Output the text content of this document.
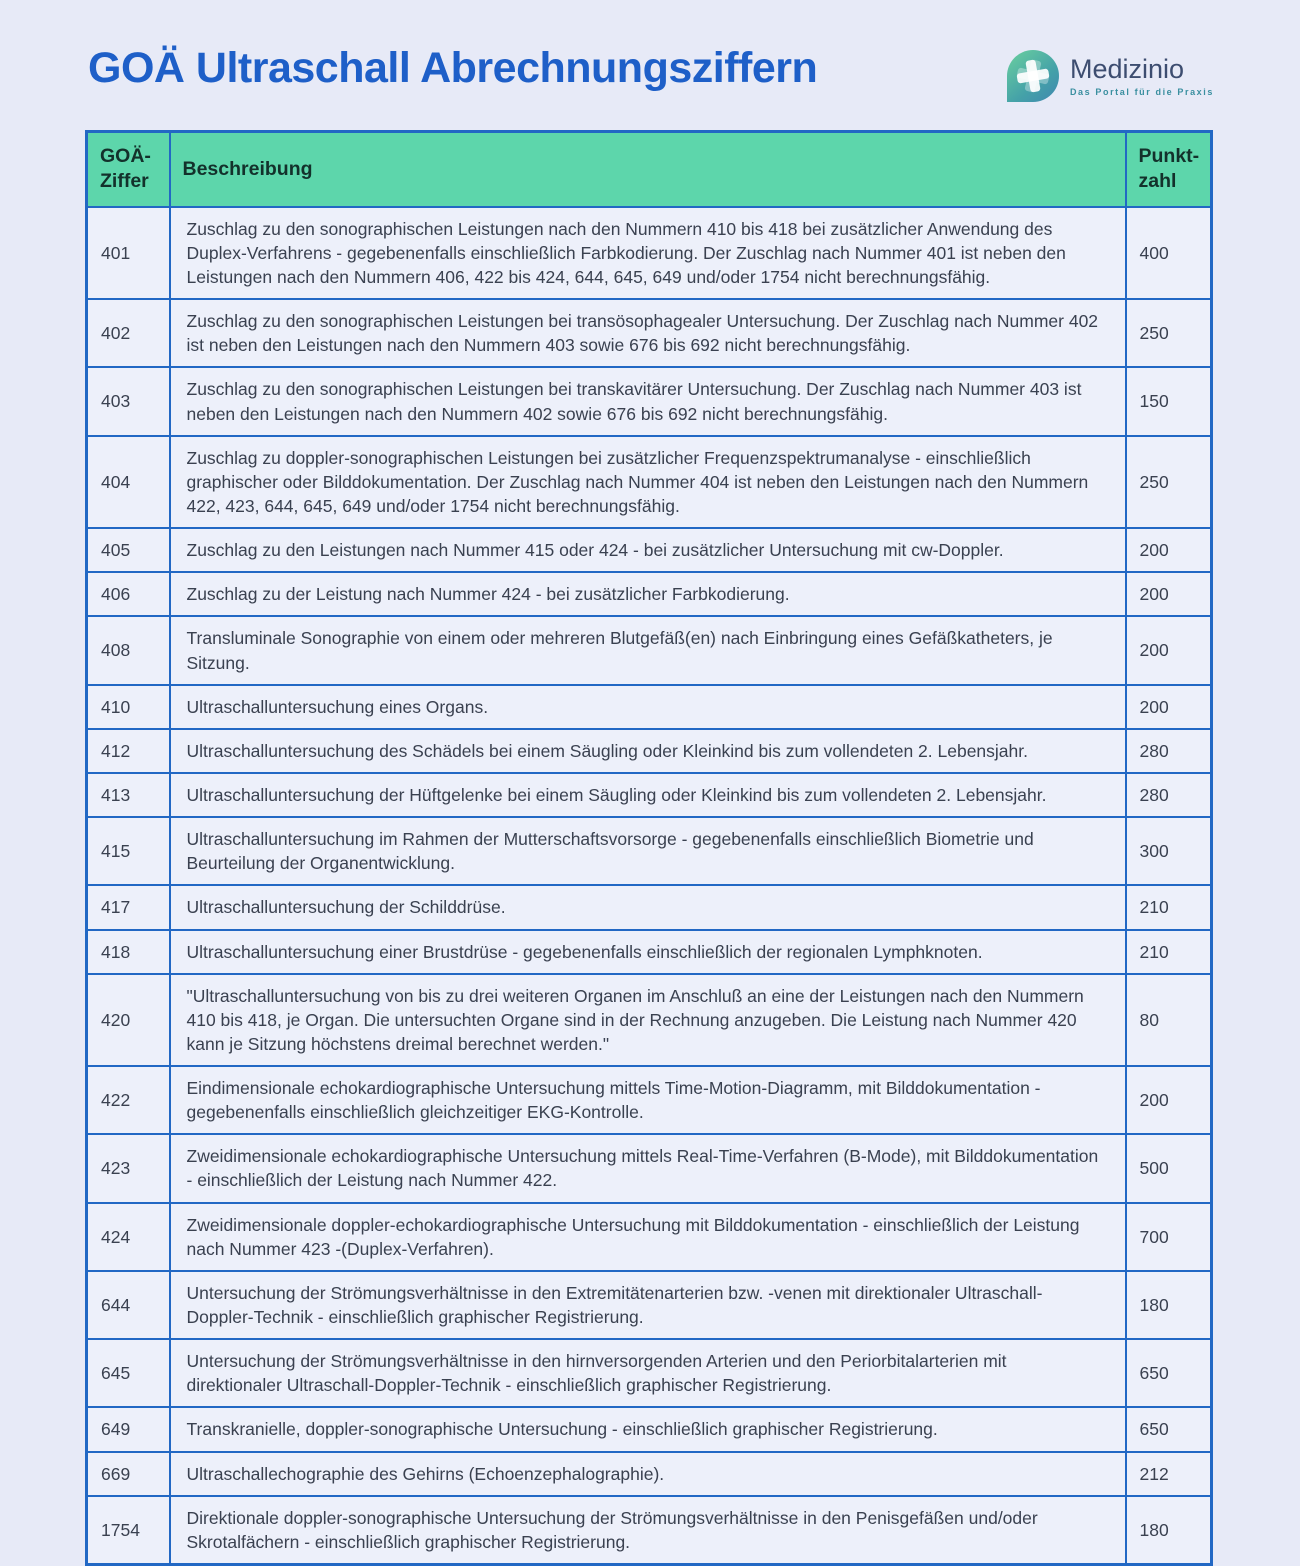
GOÄ Ultraschall Abrechnungsziffern	Medizinio
Das Portal für die Praxis
GOÄ-Ziffer	Beschreibung	Punkt-zahl
401	Zuschlag zu den sonographischen Leistungen nach den Nummern 410 bis 418 bei zusätzlicher Anwendung des Duplex-Verfahrens - gegebenenfalls einschließlich Farbkodierung. Der Zuschlag nach Nummer 401 ist neben den Leistungen nach den Nummern 406, 422 bis 424, 644, 645, 649 und/oder 1754 nicht berechnungsfähig.	400
402	Zuschlag zu den sonographischen Leistungen bei transösophagealer Untersuchung. Der Zuschlag nach Nummer 402 ist neben den Leistungen nach den Nummern 403 sowie 676 bis 692 nicht berechnungsfähig.	250
403	Zuschlag zu den sonographischen Leistungen bei transkavitärer Untersuchung. Der Zuschlag nach Nummer 403 ist neben den Leistungen nach den Nummern 402 sowie 676 bis 692 nicht berechnungsfähig.	150
404	Zuschlag zu doppler-sonographischen Leistungen bei zusätzlicher Frequenzspektrumanalyse - einschließlich graphischer oder Bilddokumentation. Der Zuschlag nach Nummer 404 ist neben den Leistungen nach den Nummern 422, 423, 644, 645, 649 und/oder 1754 nicht berechnungsfähig.	250
405	Zuschlag zu den Leistungen nach Nummer 415 oder 424 - bei zusätzlicher Untersuchung mit cw-Doppler.	200
406	Zuschlag zu der Leistung nach Nummer 424 - bei zusätzlicher Farbkodierung.	200
408	Transluminale Sonographie von einem oder mehreren Blutgefäß(en) nach Einbringung eines Gefäßkatheters, je Sitzung.	200
410	Ultraschalluntersuchung eines Organs.	200
412	Ultraschalluntersuchung des Schädels bei einem Säugling oder Kleinkind bis zum vollendeten 2. Lebensjahr.	280
413	Ultraschalluntersuchung der Hüftgelenke bei einem Säugling oder Kleinkind bis zum vollendeten 2. Lebensjahr.	280
415	Ultraschalluntersuchung im Rahmen der Mutterschaftsvorsorge - gegebenenfalls einschließlich Biometrie und Beurteilung der Organentwicklung.	300
417	Ultraschalluntersuchung der Schilddrüse.	210
418	Ultraschalluntersuchung einer Brustdrüse - gegebenenfalls einschließlich der regionalen Lymphknoten.	210
420	"Ultraschalluntersuchung von bis zu drei weiteren Organen im Anschluß an eine der Leistungen nach den Nummern 410 bis 418, je Organ. Die untersuchten Organe sind in der Rechnung anzugeben. Die Leistung nach Nummer 420 kann je Sitzung höchstens dreimal berechnet werden."	80
422	Eindimensionale echokardiographische Untersuchung mittels Time-Motion-Diagramm, mit Bilddokumentation - gegebenenfalls einschließlich gleichzeitiger EKG-Kontrolle.	200
423	Zweidimensionale echokardiographische Untersuchung mittels Real-Time-Verfahren (B-Mode), mit Bilddokumentation - einschließlich der Leistung nach Nummer 422.	500
424	Zweidimensionale doppler-echokardiographische Untersuchung mit Bilddokumentation - einschließlich der Leistung nach Nummer 423 -(Duplex-Verfahren).	700
644	Untersuchung der Strömungsverhältnisse in den Extremitätenarterien bzw. -venen mit direktionaler Ultraschall-Doppler-Technik - einschließlich graphischer Registrierung.	180
645	Untersuchung der Strömungsverhältnisse in den hirnversorgenden Arterien und den Periorbitalarterien mit direktionaler Ultraschall-Doppler-Technik - einschließlich graphischer Registrierung.	650
649	Transkranielle, doppler-sonographische Untersuchung - einschließlich graphischer Registrierung.	650
669	Ultraschallechographie des Gehirns (Echoenzephalographie).	212
1754	Direktionale doppler-sonographische Untersuchung der Strömungsverhältnisse in den Penisgefäßen und/oder Skrotalfächern - einschließlich graphischer Registrierung.	180
